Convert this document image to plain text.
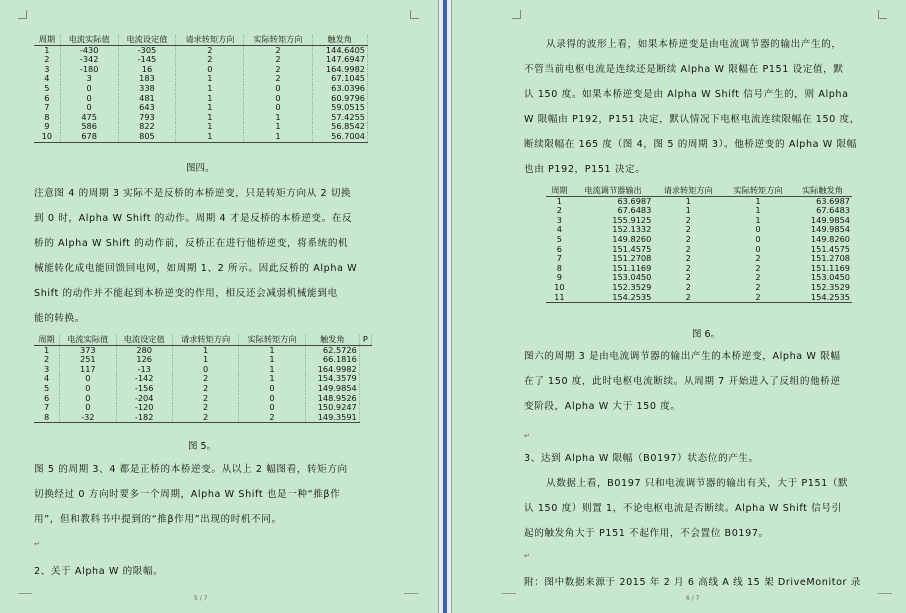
周期	电流实际值	电流设定值	请求转矩方向	实际转矩方向	触发角
1	-430	-305	2	2	144.6405
2	-342	-145	2	2	147.6947
3	-180	16	0	2	164.9982
4	3	183	1	2	67.1045
5	0	338	1	0	63.0396
6	0	481	1	0	60.9796
7	0	643	1	0	59.0515
8	475	793	1	1	57.4255
9	586	822	1	1	56.8542
10	678	805	1	1	56.7004
图四。

注意图 4 的周期 3 实际不是反桥的本桥逆变，只是转矩方向从 2 切换

到 0 时，Alpha W Shift 的动作。周期 4 才是反桥的本桥逆变。在反

桥的 Alpha W Shift 的动作前，反桥正在进行他桥逆变，将系统的机

械能转化成电能回馈回电网，如周期 1、2 所示。因此反桥的 Alpha W

Shift 的动作并不能起到本桥逆变的作用，相反还会减弱机械能到电

能的转换。

周期	电流实际值	电流设定值	请求转矩方向	实际转矩方向	触发角	P
1	373	280	1	1	62.5726	
2	251	126	1	1	66.1816	
3	117	-13	0	1	164.9982	
4	0	-142	2	1	154.3579	
5	0	-156	2	0	149.9854	
6	0	-204	2	0	148.9526	
7	0	-120	2	0	150.9247	
8	-32	-182	2	2	149.3591	
图 5。

图 5 的周期 3、4 都是正桥的本桥逆变。从以上 2 幅图看，转矩方向

切换经过 0 方向时要多一个周期，Alpha W Shift 也是一种“推β作

用”，但和教科书中提到的“推β作用”出现的时机不同。

↵
2、关于 Alpha W 的限幅。
5 / 7

从录得的波形上看，如果本桥逆变是由电流调节器的输出产生的，

不管当前电枢电流是连续还是断续 Alpha W 限幅在 P151 设定值，默

认 150 度。如果本桥逆变是由 Alpha W Shift 信号产生的，则 Alpha

W 限幅由 P192，P151 决定，默认情况下电枢电流连续限幅在 150 度，

断续限幅在 165 度（图 4，图 5 的周期 3）。他桥逆变的 Alpha W 限幅

也由 P192，P151 决定。

周期	电流调节器输出	请求转矩方向	实际转矩方向	实际触发角
1	63.6987	1	1	63.6987
2	67.6483	1	1	67.6483
3	155.9125	2	1	149.9854
4	152.1332	2	0	149.9854
5	149.8260	2	0	149.8260
6	151.4575	2	0	151.4575
7	151.2708	2	2	151.2708
8	151.1169	2	2	151.1169
9	153.0450	2	2	153.0450
10	152.3529	2	2	152.3529
11	154.2535	2	2	154.2535
图 6。

图六的周期 3 是由电流调节器的输出产生的本桥逆变，Alpha W 限幅

在了 150 度，此时电枢电流断续。从周期 7 开始进入了反组的他桥逆

变阶段，Alpha W 大于 150 度。

↵
3、达到 Alpha W 限幅（B0197）状态位的产生。

从数据上看，B0197 只和电流调节器的输出有关，大于 P151（默

认 150 度）则置 1，不论电枢电流是否断续。Alpha W Shift 信号引

起的触发角大于 P151 不起作用，不会置位 B0197。

↵
附：图中数据来源于 2015 年 2 月 6 高线 A 线 15 架 DriveMonitor 录
6 / 7
